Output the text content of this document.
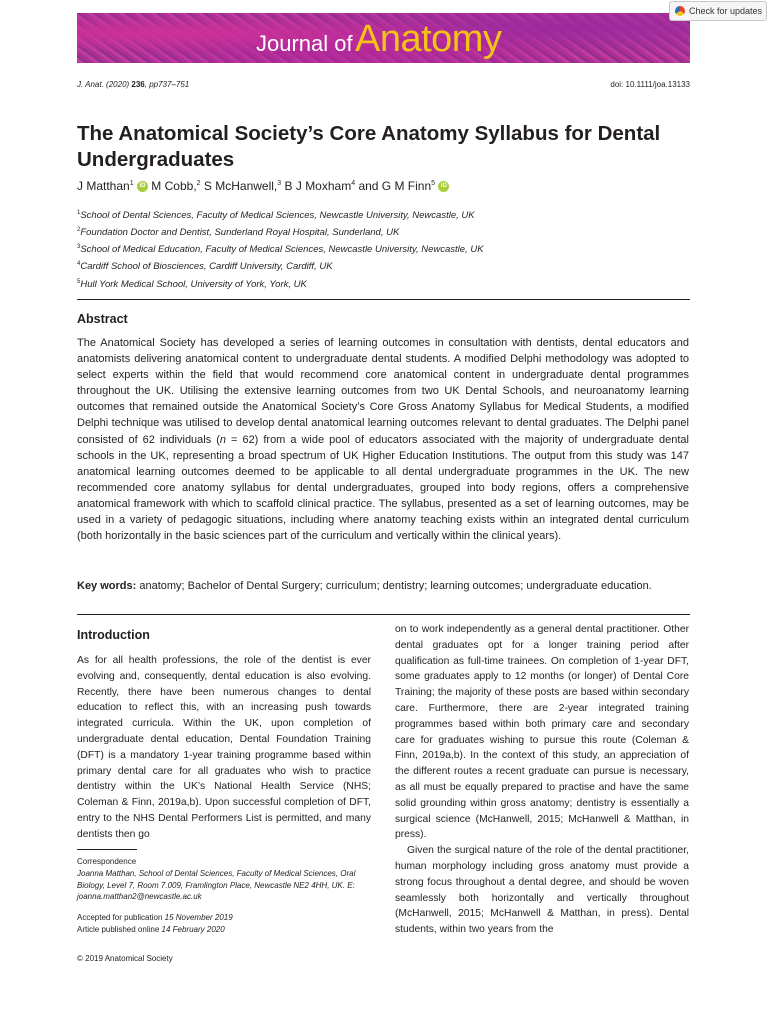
Journal of Anatomy
Check for updates
J. Anat. (2020) 236, pp737–751	doi: 10.1111/joa.13133
The Anatomical Society’s Core Anatomy Syllabus for Dental Undergraduates
J Matthan$^1$ iD M Cobb,$^2$ S McHanwell,$^3$ B J Moxham$^4$ and G M Finn$^5$ iD
$^1$School of Dental Sciences, Faculty of Medical Sciences, Newcastle University, Newcastle, UK
$^2$Foundation Doctor and Dentist, Sunderland Royal Hospital, Sunderland, UK
$^3$School of Medical Education, Faculty of Medical Sciences, Newcastle University, Newcastle, UK
$^4$Cardiff School of Biosciences, Cardiff University, Cardiff, UK
$^5$Hull York Medical School, University of York, York, UK
Abstract

The Anatomical Society has developed a series of learning outcomes in consultation with dentists, dental educators and anatomists delivering anatomical content to undergraduate dental students. A modified Delphi methodology was adopted to select experts within the field that would recommend core anatomical content in undergraduate dental programmes throughout the UK. Utilising the extensive learning outcomes from two UK Dental Schools, and neuroanatomy learning outcomes that remained outside the Anatomical Society’s Core Gross Anatomy Syllabus for Medical Students, a modified Delphi technique was utilised to develop dental anatomical learning outcomes relevant to dental graduates. The Delphi panel consisted of 62 individuals (n = 62) from a wide pool of educators associated with the majority of undergraduate dental schools in the UK, representing a broad spectrum of UK Higher Education Institutions. The output from this study was 147 anatomical learning outcomes deemed to be applicable to all dental undergraduate programmes in the UK. The new recommended core anatomy syllabus for dental undergraduates, grouped into body regions, offers a comprehensive anatomical framework with which to scaffold clinical practice. The syllabus, presented as a set of learning outcomes, may be used in a variety of pedagogic situations, including where anatomy teaching exists within an integrated dental curriculum (both horizontally in the basic sciences part of the curriculum and vertically within the clinical years).

Key words: anatomy; Bachelor of Dental Surgery; curriculum; dentistry; learning outcomes; undergraduate education.

Introduction

As for all health professions, the role of the dentist is ever evolving and, consequently, dental education is also evolving. Recently, there have been numerous changes to dental education to reflect this, with an increasing push towards integrated curricula. Within the UK, upon completion of undergraduate dental education, Dental Foundation Training (DFT) is a mandatory 1-year training programme based within primary dental care for all graduates who wish to practice dentistry within the UK’s National Health Service (NHS; Coleman & Finn, 2019a,b). Upon successful completion of DFT, entry to the NHS Dental Performers List is permitted, and many dentists then go

on to work independently as a general dental practitioner. Other dental graduates opt for a longer training period after qualification as full-time trainees. On completion of 1-year DFT, some graduates apply to 12 months (or longer) of Dental Core Training; the majority of these posts are based within secondary care. Furthermore, there are 2-year integrated training programmes based within both primary care and secondary care for graduates wishing to pursue this route (Coleman & Finn, 2019a,b). In the context of this study, an appreciation of the different routes a recent graduate can pursue is necessary, as all must be equally prepared to practise and have the same solid grounding within gross anatomy; dentistry is essentially a surgical science (McHanwell, 2015; McHanwell & Matthan, in press).

Given the surgical nature of the role of the dental practitioner, human morphology including gross anatomy must provide a strong focus throughout a dental degree, and should be woven seamlessly both horizontally and vertically throughout (McHanwell, 2015; McHanwell & Matthan, in press). Dental students, within two years from the

Correspondence
Joanna Matthan, School of Dental Sciences, Faculty of Medical Sciences, Oral Biology, Level 7, Room 7.009, Framlington Place, Newcastle NE2 4HH, UK. E: joanna.matthan2@newcastle.ac.uk
Accepted for publication 15 November 2019
Article published online 14 February 2020
© 2019 Anatomical Society
